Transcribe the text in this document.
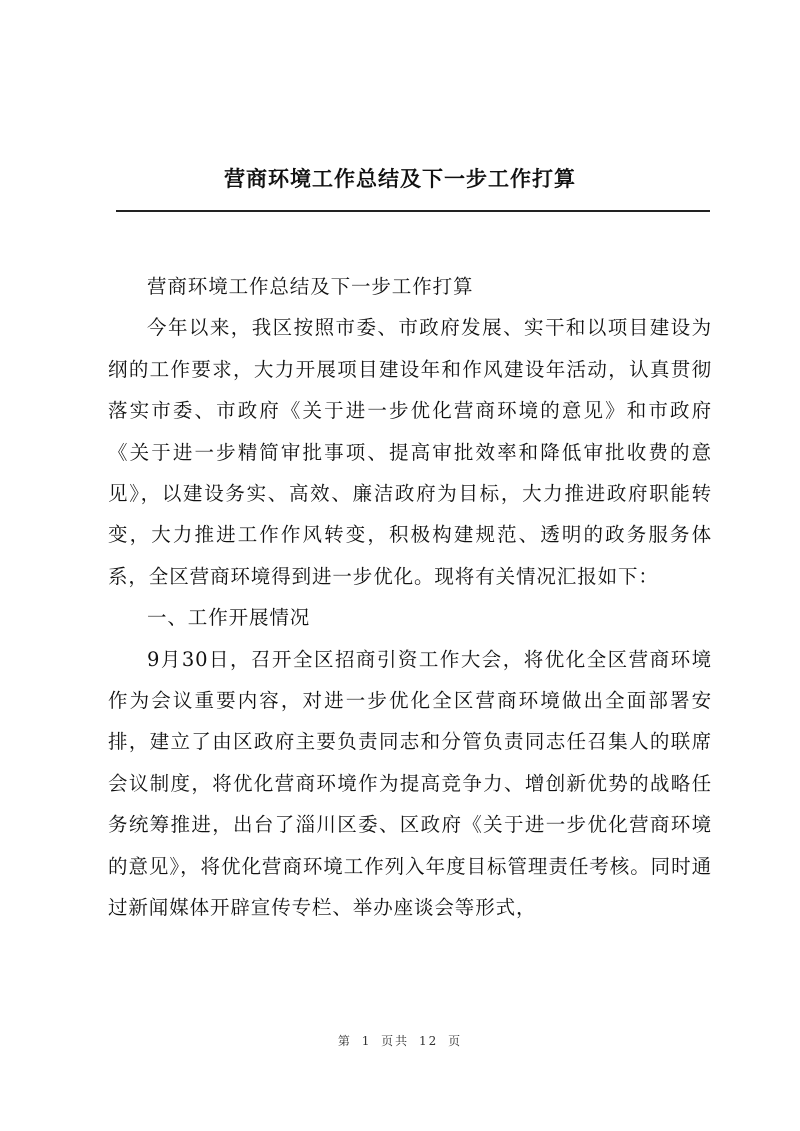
营商环境工作总结及下一步工作打算

营商环境工作总结及下一步工作打算

今年以来，我区按照市委、市政府发展、实干和以项目建设为纲的工作要求，大力开展项目建设年和作风建设年活动，认真贯彻落实市委、市政府《关于进一步优化营商环境的意见》和市政府《关于进一步精简审批事项、提高审批效率和降低审批收费的意见》，以建设务实、高效、廉洁政府为目标，大力推进政府职能转变，大力推进工作作风转变，积极构建规范、透明的政务服务体系，全区营商环境得到进一步优化。现将有关情况汇报如下：

一、工作开展情况

9月30日，召开全区招商引资工作大会，将优化全区营商环境作为会议重要内容，对进一步优化全区营商环境做出全面部署安排，建立了由区政府主要负责同志和分管负责同志任召集人的联席会议制度，将优化营商环境作为提高竞争力、增创新优势的战略任务统筹推进，出台了淄川区委、区政府《关于进一步优化营商环境的意见》，将优化营商环境工作列入年度目标管理责任考核。同时通过新闻媒体开辟宣传专栏、举办座谈会等形式，

第 1 页共 12 页
